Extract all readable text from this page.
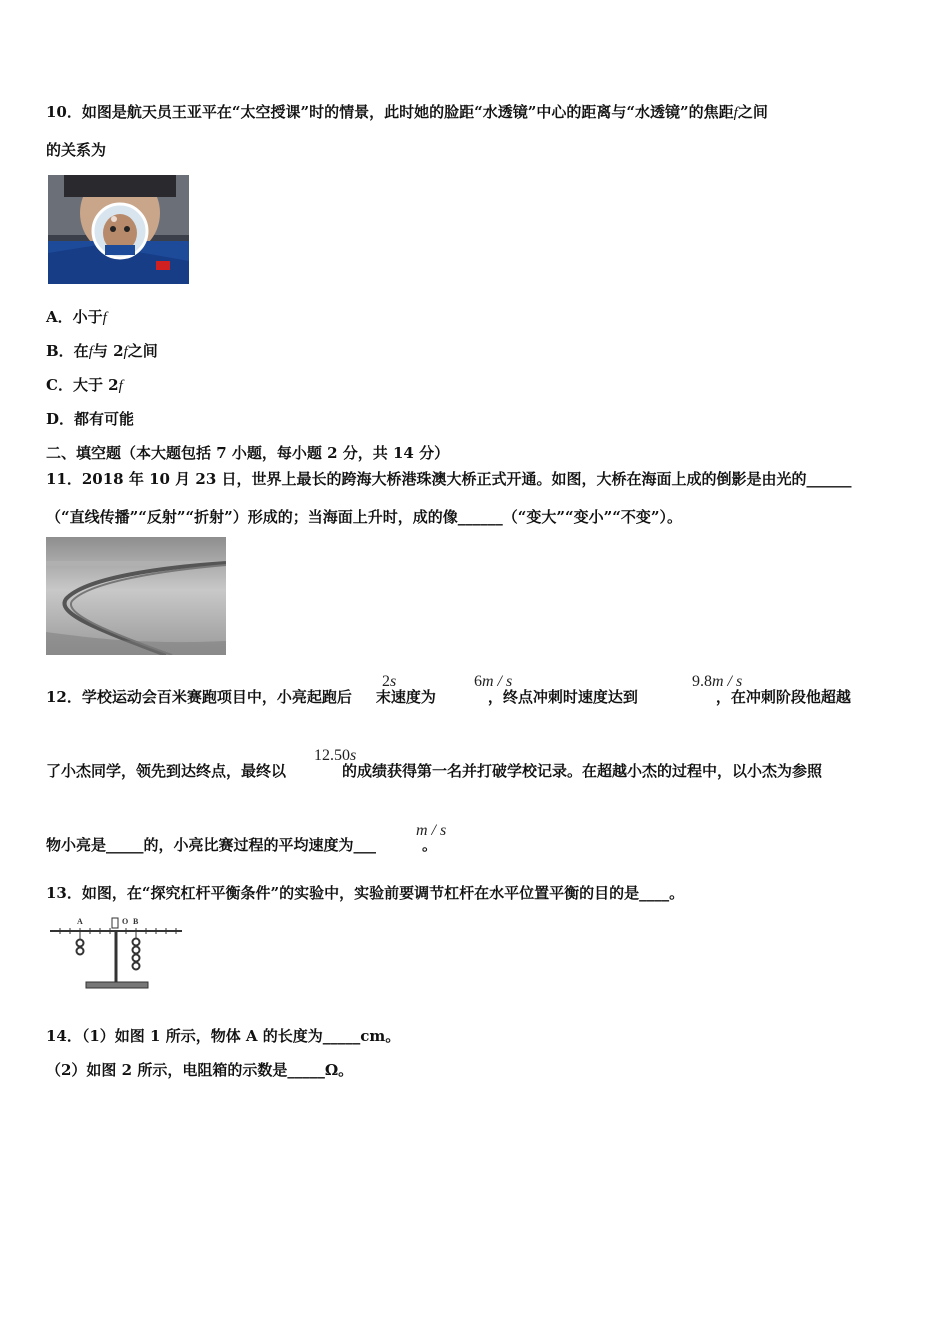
10．如图是航天员王亚平在“太空授课”时的情景，此时她的脸距“水透镜”中心的距离与“水透镜”的焦距f之间
的关系为
A．小于f
B．在f与 2f之间
C．大于 2f
D．都有可能
二、填空题（本大题包括 7 小题，每小题 2 分，共 14 分）
11．2018 年 10 月 23 日，世界上最长的跨海大桥港珠澳大桥正式开通。如图，大桥在海面上成的倒影是由光的______
（“直线传播”“反射”“折射”）形成的；当海面上升时，成的像______（“变大”“变小”“不变”）。
12．学校运动会百米赛跑项目中，小亮起跑后 末速度为	，终点冲刺时速度达到	，在冲刺阶段他超越
2s	6m / s	9.8m / s
了小杰同学，领先到达终点，最终以	的成绩获得第一名并打破学校记录。在超越小杰的过程中，以小杰为参照
12.50s
物小亮是_____的，小亮比赛过程的平均速度为___	。
m / s
13．如图，在“探究杠杆平衡条件”的实验中，实验前要调节杠杆在水平位置平衡的目的是____。
A	O B
14．（1）如图 1 所示，物体 A 的长度为_____cm。
（2）如图 2 所示，电阻箱的示数是_____Ω。
